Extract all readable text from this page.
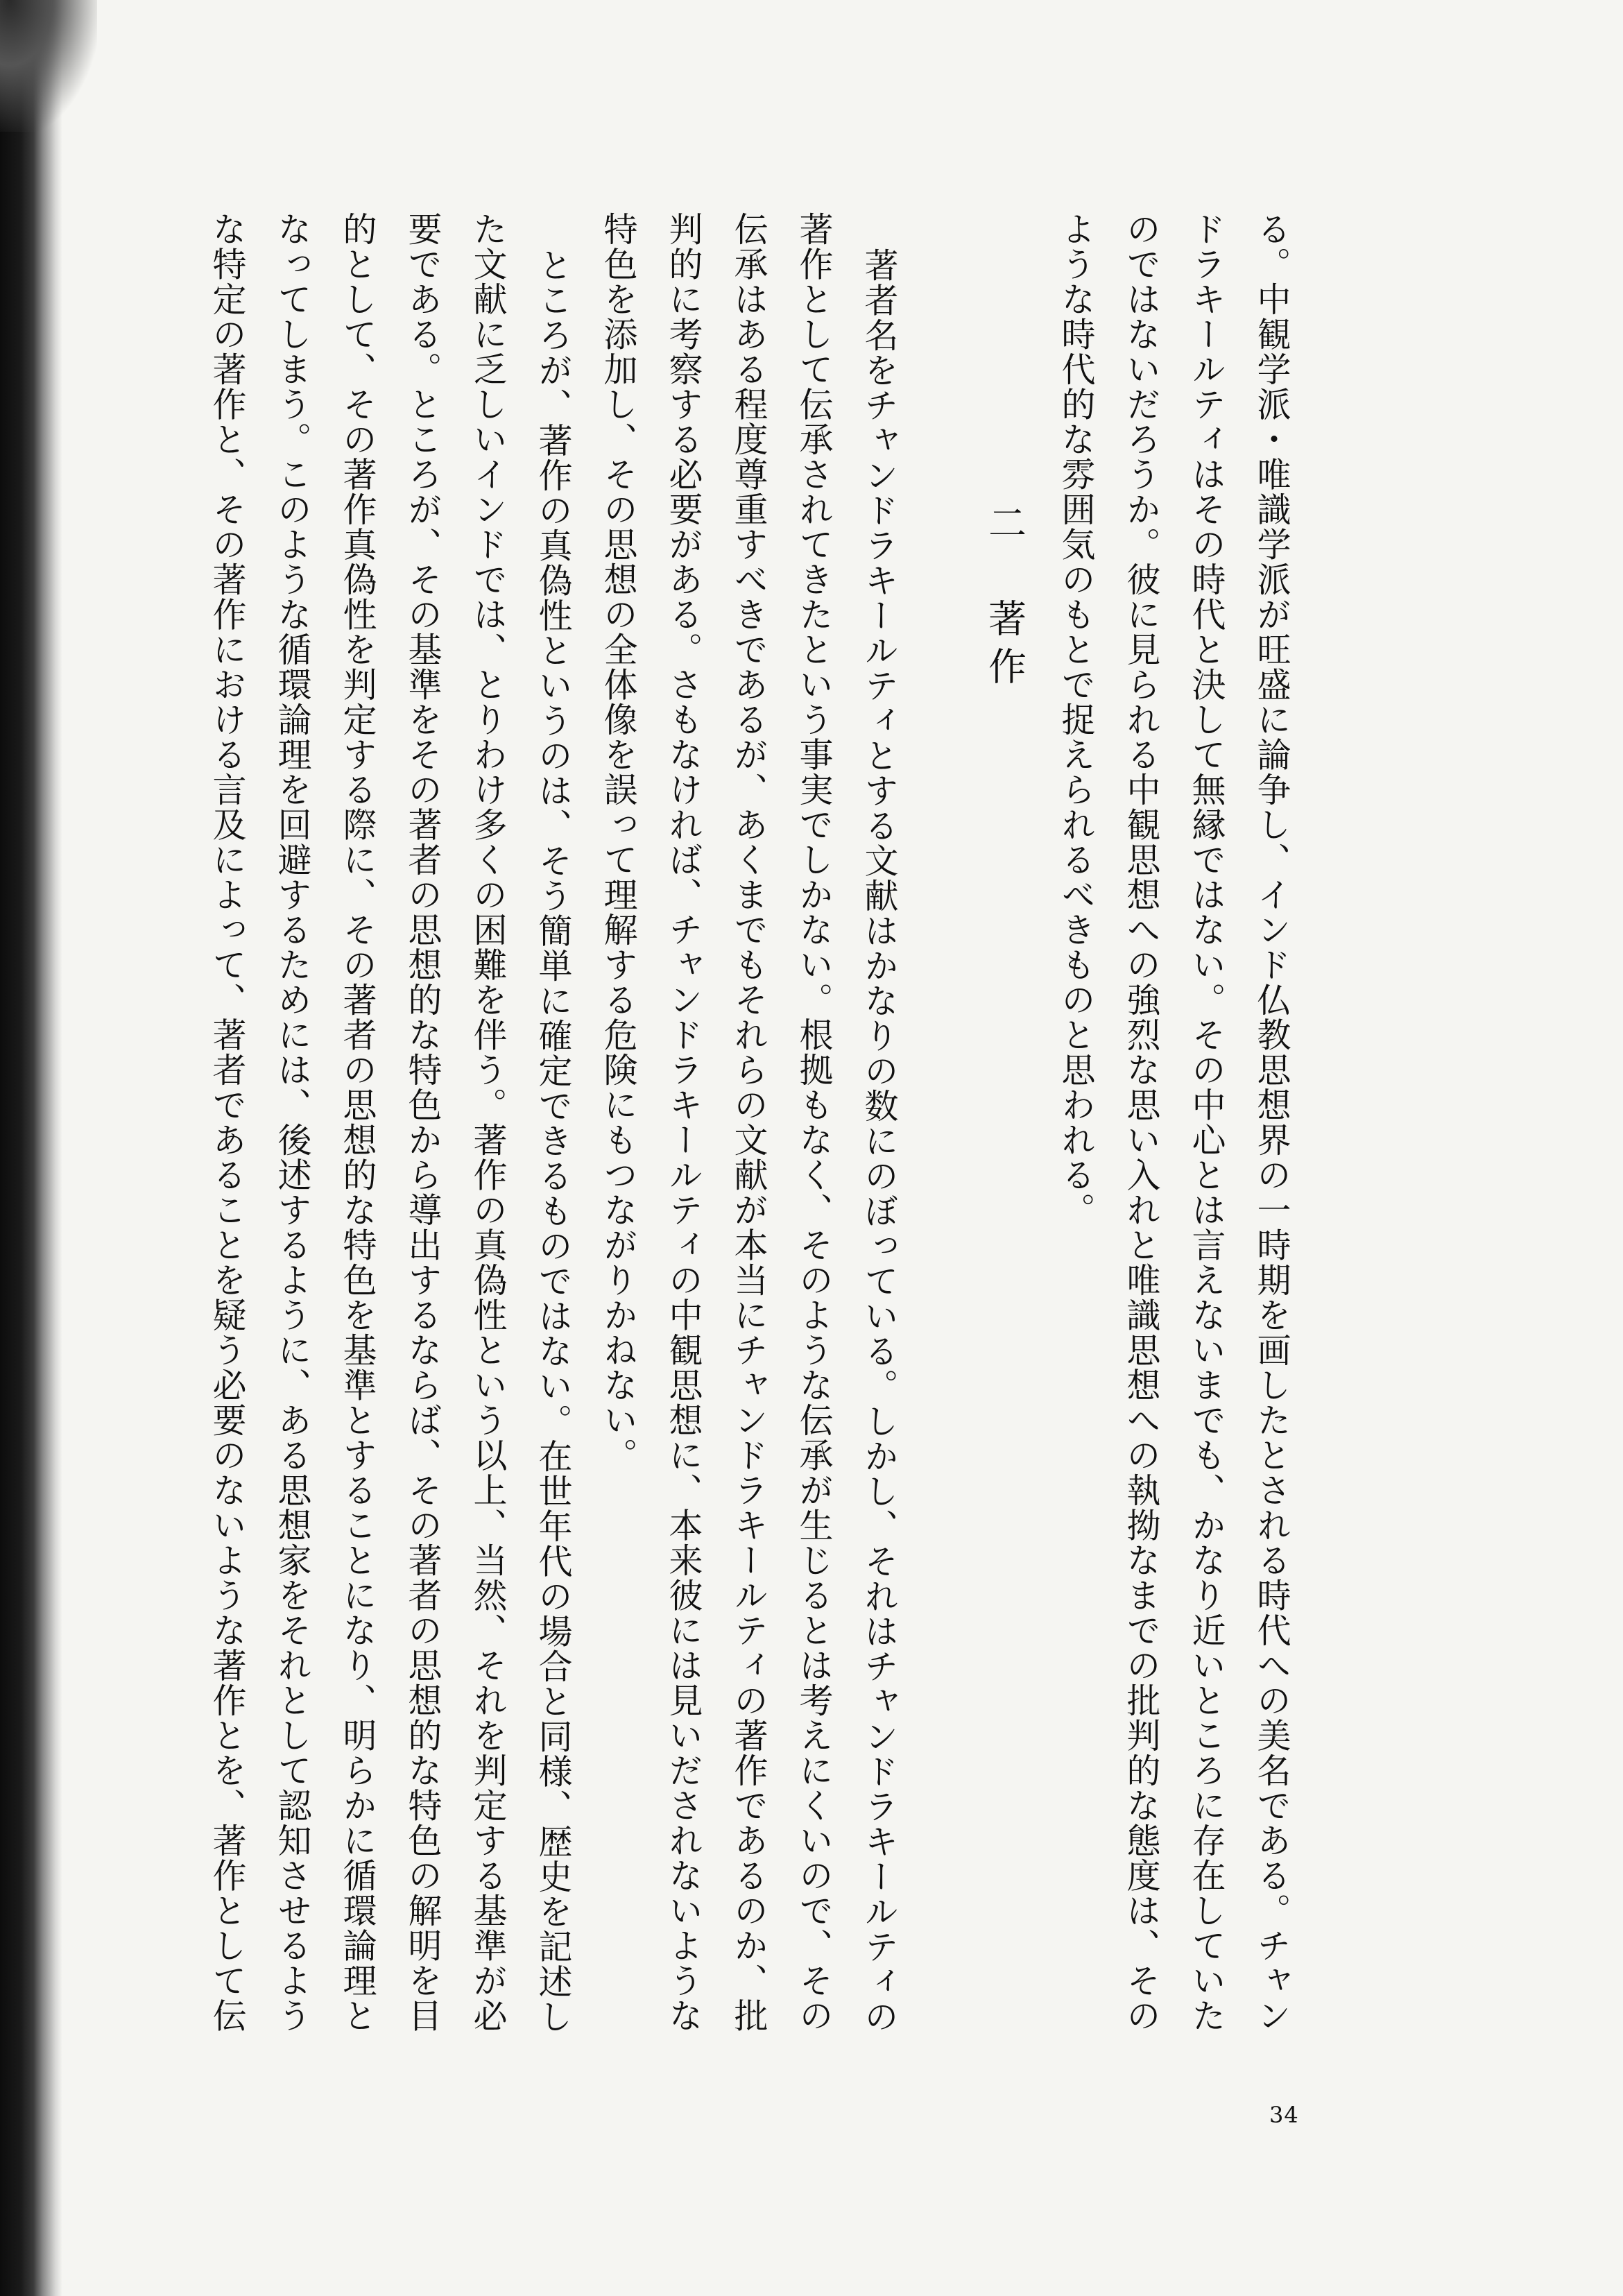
る。中観学派・唯識学派が旺盛に論争し、インド仏教思想界の一時期を画したとされる時代への美名である。チャン
ドラキールティはその時代と決して無縁ではない。その中心とは言えないまでも、かなり近いところに存在していた
のではないだろうか。彼に見られる中観思想への強烈な思い入れと唯識思想への執拗なまでの批判的な態度は、その
ような時代的な雰囲気のもとで捉えられるべきものと思われる。
二　著作
著者名をチャンドラキールティとする文献はかなりの数にのぼっている。しかし、それはチャンドラキールティの
著作として伝承されてきたという事実でしかない。根拠もなく、そのような伝承が生じるとは考えにくいので、その
伝承はある程度尊重すべきであるが、あくまでもそれらの文献が本当にチャンドラキールティの著作であるのか、批
判的に考察する必要がある。さもなければ、チャンドラキールティの中観思想に、本来彼には見いだされないような
特色を添加し、その思想の全体像を誤って理解する危険にもつながりかねない。
ところが、著作の真偽性というのは、そう簡単に確定できるものではない。在世年代の場合と同様、歴史を記述し
た文献に乏しいインドでは、とりわけ多くの困難を伴う。著作の真偽性という以上、当然、それを判定する基準が必
要である。ところが、その基準をその著者の思想的な特色から導出するならば、その著者の思想的な特色の解明を目
的として、その著作真偽性を判定する際に、その著者の思想的な特色を基準とすることになり、明らかに循環論理と
なってしまう。このような循環論理を回避するためには、後述するように、ある思想家をそれとして認知させるよう
な特定の著作と、その著作における言及によって、著者であることを疑う必要のないような著作とを、著作として伝
34
